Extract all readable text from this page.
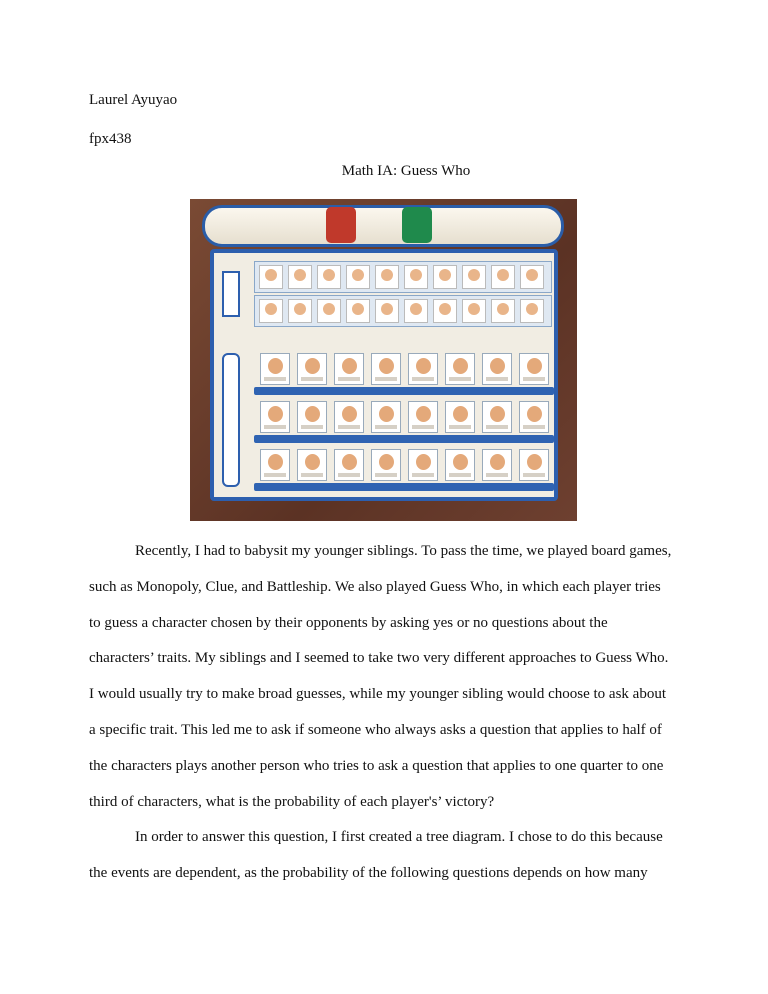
Laurel Ayuyao
fpx438
Math IA: Guess Who
Recently, I had to babysit my younger siblings. To pass the time, we played board games,
such as Monopoly, Clue, and Battleship. We also played Guess Who, in which each player tries
to guess a character chosen by their opponents by asking yes or no questions about the
characters’ traits. My siblings and I seemed to take two very different approaches to Guess Who.
I would usually try to make broad guesses, while my younger sibling would choose to ask about
a specific trait. This led me to ask if someone who always asks a question that applies to half of
the characters plays another person who tries to ask a question that applies to one quarter to one
third of characters, what is the probability of each player's’ victory?
In order to answer this question, I first created a tree diagram. I chose to do this because
the events are dependent, as the probability of the following questions depends on how many
